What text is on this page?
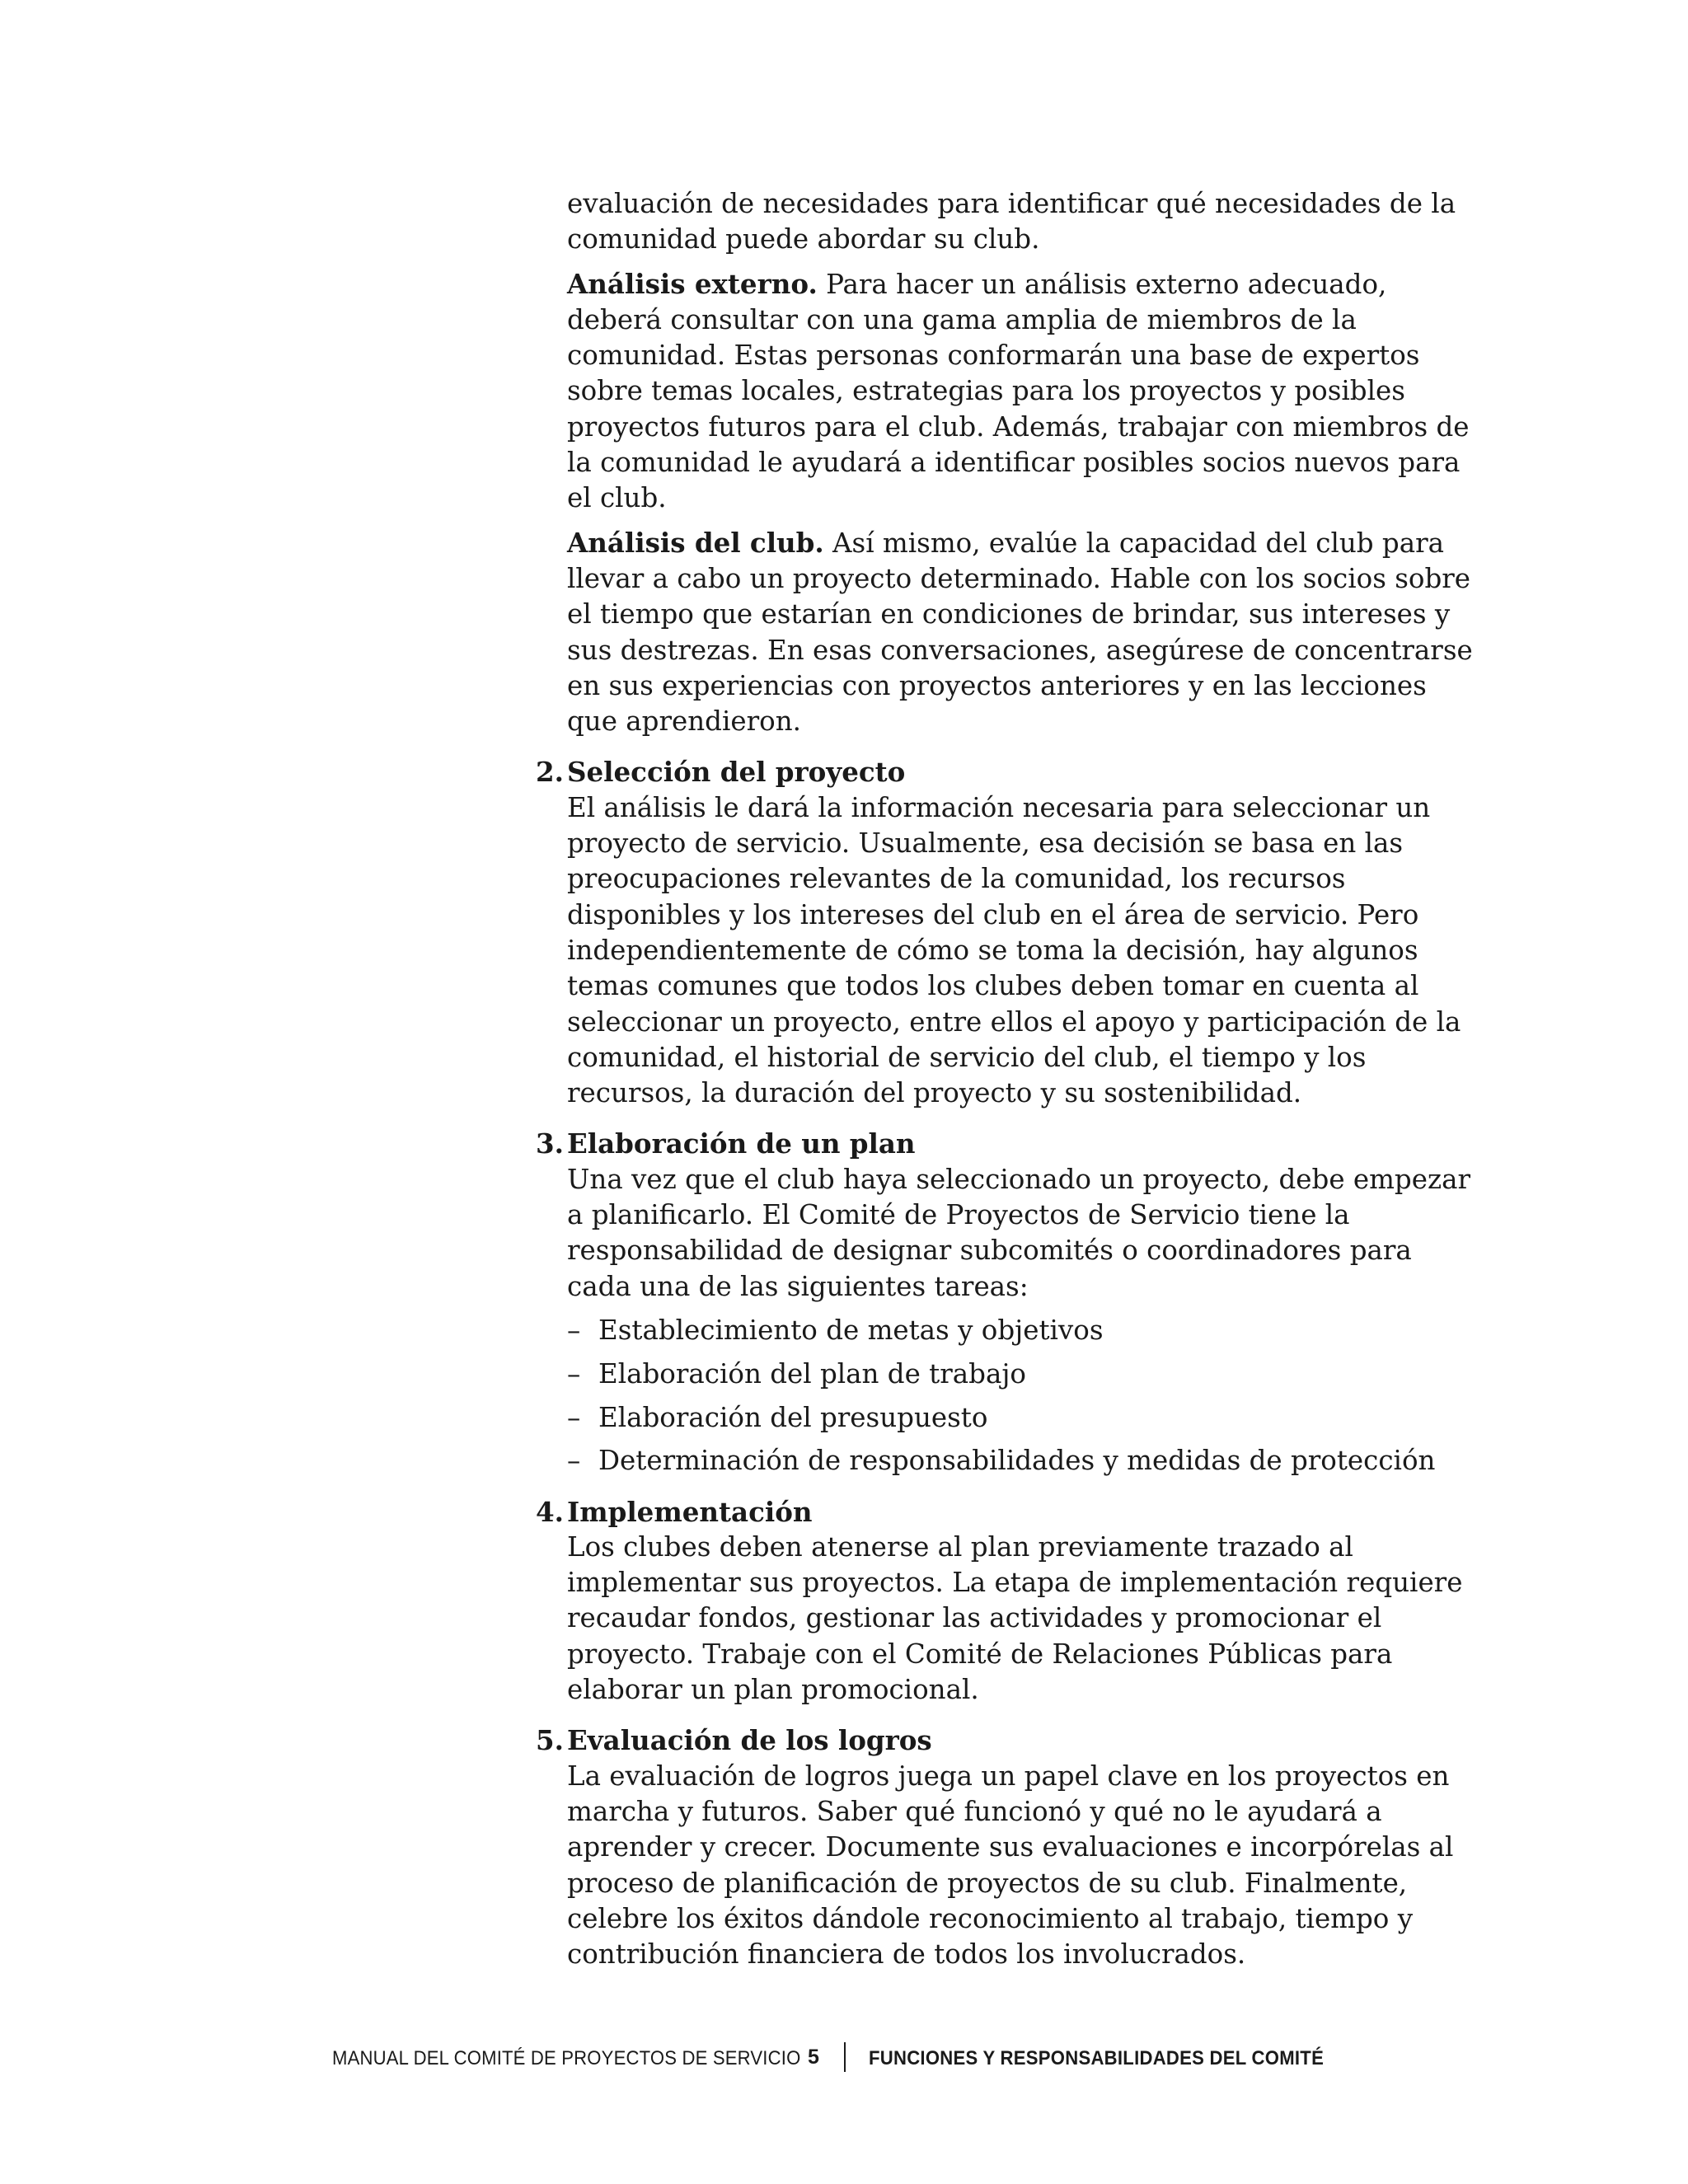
evaluación de necesidades para identificar qué necesidades de la comunidad puede abordar su club.

Análisis externo. Para hacer un análisis externo adecuado, deberá consultar con una gama amplia de miembros de la comunidad. Estas personas conformarán una base de expertos sobre temas locales, estrategias para los proyectos y posibles proyectos futuros para el club. Además, trabajar con miembros de la comunidad le ayudará a identificar posibles socios nuevos para el club.

Análisis del club. Así mismo, evalúe la capacidad del club para llevar a cabo un proyecto determinado. Hable con los socios sobre el tiempo que estarían en condiciones de brindar, sus intereses y sus destrezas. En esas conversaciones, asegúrese de concentrarse en sus experiencias con proyectos anteriores y en las lecciones que aprendieron.

2. Selección del proyecto

El análisis le dará la información necesaria para seleccionar un proyecto de servicio. Usualmente, esa decisión se basa en las preocupaciones relevantes de la comunidad, los recursos disponibles y los intereses del club en el área de servicio. Pero independientemente de cómo se toma la decisión, hay algunos temas comunes que todos los clubes deben tomar en cuenta al seleccionar un proyecto, entre ellos el apoyo y participación de la comunidad, el historial de servicio del club, el tiempo y los recursos, la duración del proyecto y su sostenibilidad.

3. Elaboración de un plan

Una vez que el club haya seleccionado un proyecto, debe empezar a planificarlo. El Comité de Proyectos de Servicio tiene la responsabilidad de designar subcomités o coordinadores para cada una de las siguientes tareas:

– Establecimiento de metas y objetivos
– Elaboración del plan de trabajo
– Elaboración del presupuesto
– Determinación de responsabilidades y medidas de protección
4. Implementación

Los clubes deben atenerse al plan previamente trazado al implementar sus proyectos. La etapa de implementación requiere recaudar fondos, gestionar las actividades y promocionar el proyecto. Trabaje con el Comité de Relaciones Públicas para elaborar un plan promocional.

5. Evaluación de los logros

La evaluación de logros juega un papel clave en los proyectos en marcha y futuros. Saber qué funcionó y qué no le ayudará a aprender y crecer. Documente sus evaluaciones e incorpórelas al proceso de planificación de proyectos de su club. Finalmente, celebre los éxitos dándole reconocimiento al trabajo, tiempo y contribución financiera de todos los involucrados.

MANUAL DEL COMITÉ DE PROYECTOS DE SERVICIO 5	FUNCIONES Y RESPONSABILIDADES DEL COMITÉ
